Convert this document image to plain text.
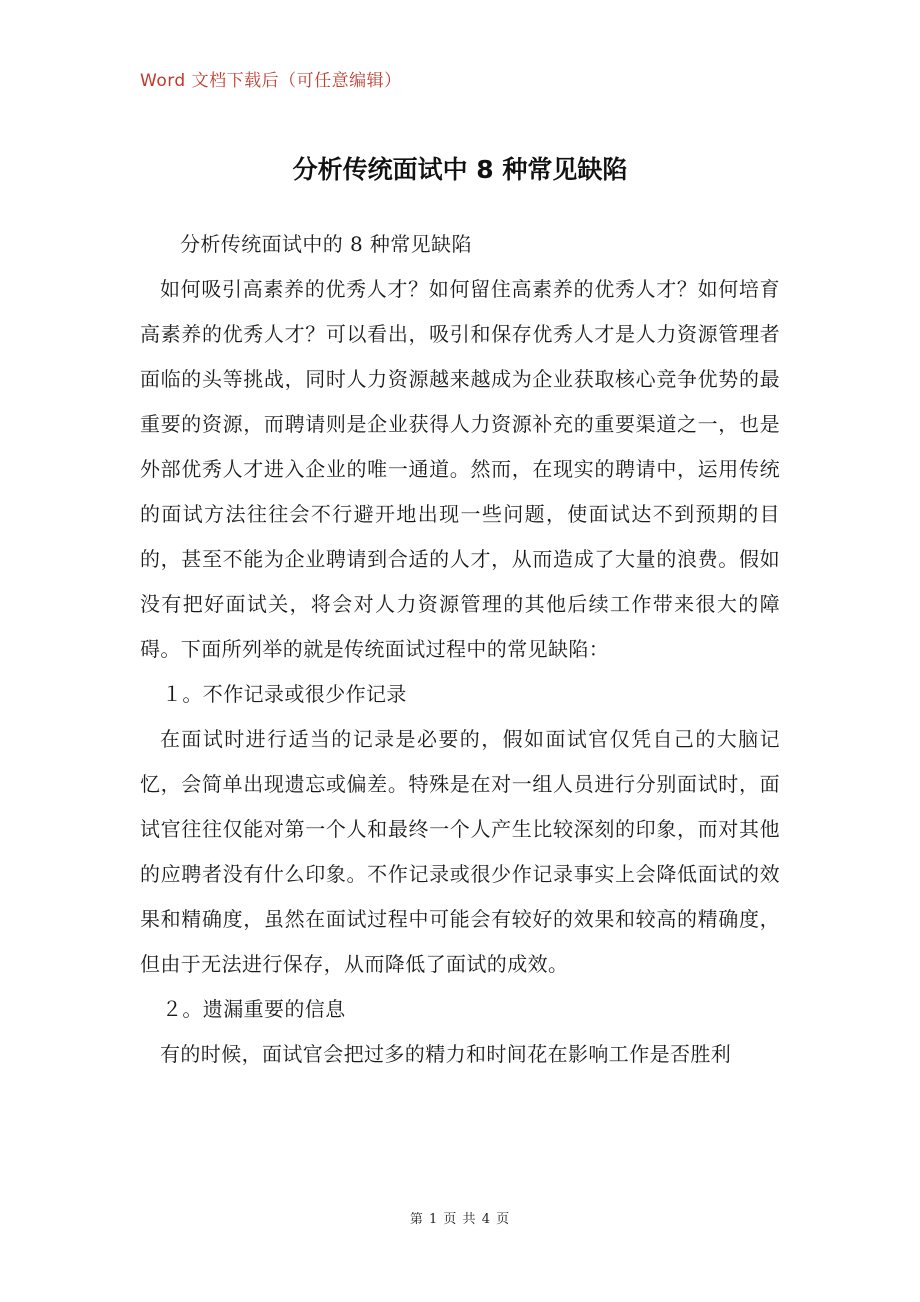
Word 文档下载后（可任意编辑）
分析传统面试中 8 种常见缺陷

分析传统面试中的 8 种常见缺陷

如何吸引高素养的优秀人才？如何留住高素养的优秀人才？如何培育高素养的优秀人才？可以看出，吸引和保存优秀人才是人力资源管理者面临的头等挑战，同时人力资源越来越成为企业获取核心竞争优势的最重要的资源，而聘请则是企业获得人力资源补充的重要渠道之一，也是外部优秀人才进入企业的唯一通道。然而，在现实的聘请中，运用传统的面试方法往往会不行避开地出现一些问题，使面试达不到预期的目的，甚至不能为企业聘请到合适的人才，从而造成了大量的浪费。假如没有把好面试关，将会对人力资源管理的其他后续工作带来很大的障碍。下面所列举的就是传统面试过程中的常见缺陷：

１。不作记录或很少作记录

在面试时进行适当的记录是必要的，假如面试官仅凭自己的大脑记忆，会简单出现遗忘或偏差。特殊是在对一组人员进行分别面试时，面试官往往仅能对第一个人和最终一个人产生比较深刻的印象，而对其他的应聘者没有什么印象。不作记录或很少作记录事实上会降低面试的效果和精确度，虽然在面试过程中可能会有较好的效果和较高的精确度，但由于无法进行保存，从而降低了面试的成效。

２。遗漏重要的信息

有的时候，面试官会把过多的精力和时间花在影响工作是否胜利

第 1 页 共 4 页
